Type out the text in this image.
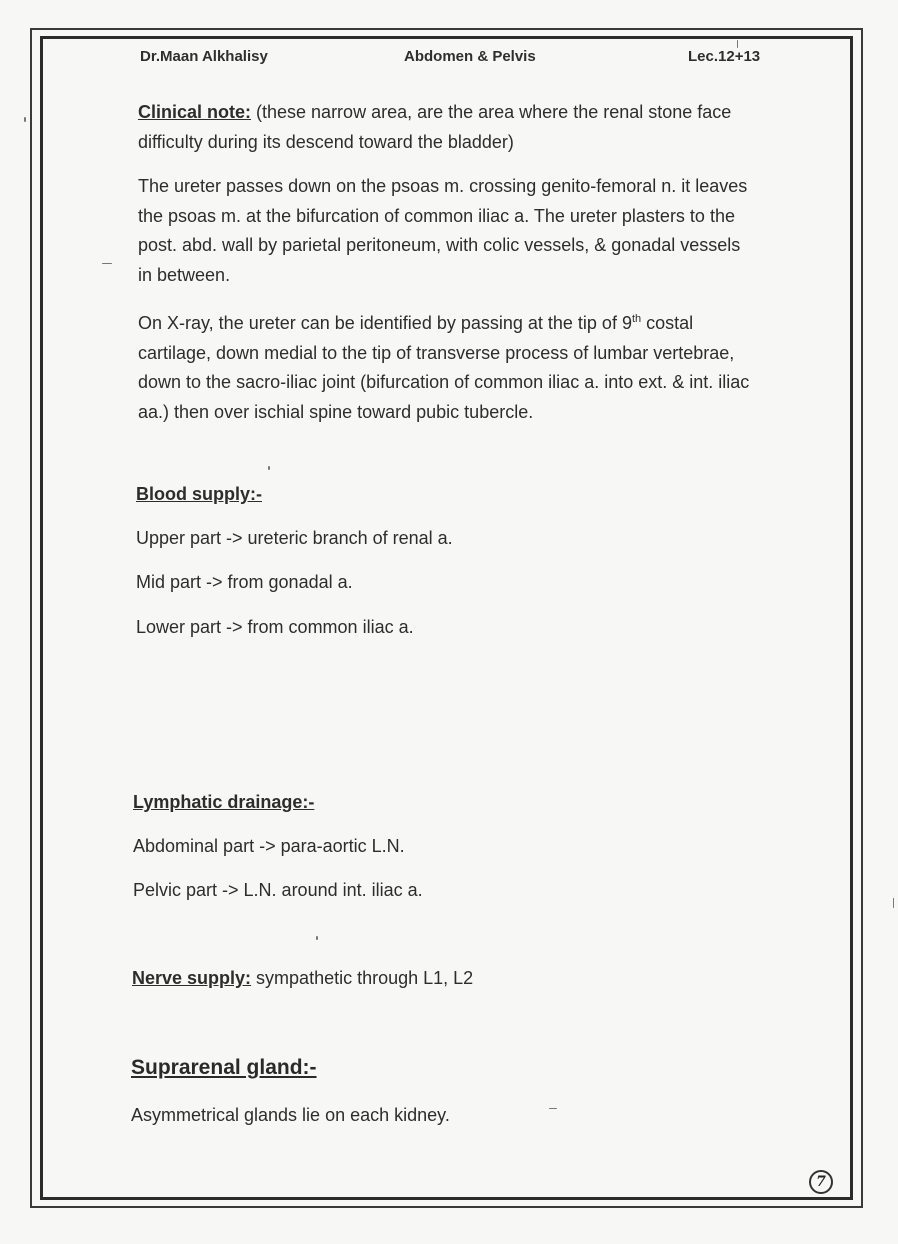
Dr.Maan Alkhalisy	Abdomen & Pelvis	Lec.12+13
Clinical note: (these narrow area, are the area where the renal stone face difficulty during its descend toward the bladder)
The ureter passes down on the psoas m. crossing genito-femoral n. it leaves the psoas m. at the bifurcation of common iliac a. The ureter plasters to the post. abd. wall by parietal peritoneum, with colic vessels, & gonadal vessels in between.
On X-ray, the ureter can be identified by passing at the tip of 9th costal cartilage, down medial to the tip of transverse process of lumbar vertebrae, down to the sacro-iliac joint (bifurcation of common iliac a. into ext. & int. iliac aa.) then over ischial spine toward pubic tubercle.
Blood supply:-
Upper part -> ureteric branch of renal a.
Mid part -> from gonadal a.
Lower part -> from common iliac a.
Lymphatic drainage:-
Abdominal part -> para-aortic L.N.
Pelvic part -> L.N. around int. iliac a.
Nerve supply: sympathetic through L1, L2
Suprarenal gland:-
Asymmetrical glands lie on each kidney.
7
